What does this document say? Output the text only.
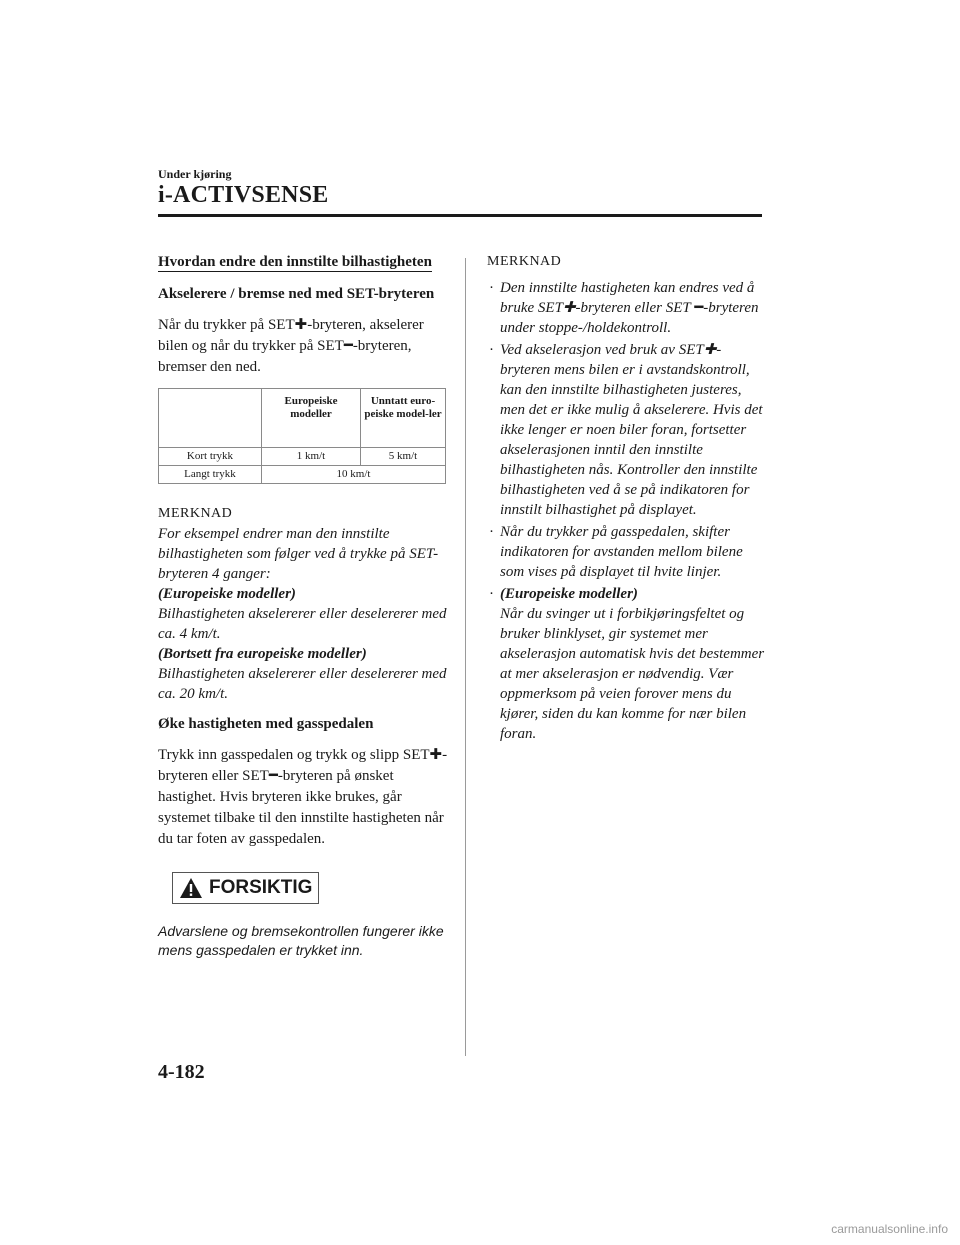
Under kjøring
i-ACTIVSENSE
Hvordan endre den innstilte bilhastigheten
Akselerere / bremse ned med SET-bryteren
Når du trykker på SET✚-bryteren, akselerer bilen og når du trykker på SET━-bryteren, bremser den ned.
	Europeiske modeller	Unntatt euro-peiske model-ler
Kort trykk	1 km/t	5 km/t
Langt trykk	10 km/t	
MERKNAD
For eksempel endrer man den innstilte bilhastigheten som følger ved å trykke på SET-bryteren 4 ganger:
(Europeiske modeller)
Bilhastigheten akselererer eller deselererer med ca. 4 km/t.
(Bortsett fra europeiske modeller)
Bilhastigheten akselererer eller deselererer med ca. 20 km/t.
Øke hastigheten med gasspedalen
Trykk inn gasspedalen og trykk og slipp SET✚-bryteren eller SET━-bryteren på ønsket hastighet. Hvis bryteren ikke brukes, går systemet tilbake til den innstilte hastigheten når du tar foten av gasspedalen.
FORSIKTIG
Advarslene og bremsekontrollen fungerer ikke mens gasspedalen er trykket inn.
MERKNAD
· Den innstilte hastigheten kan endres ved å bruke SET✚-bryteren eller SET ━-bryteren under stoppe-/holdekontroll.
· Ved akselerasjon ved bruk av SET✚-bryteren mens bilen er i avstandskontroll, kan den innstilte bilhastigheten justeres, men det er ikke mulig å akselerere. Hvis det ikke lenger er noen biler foran, fortsetter akselerasjonen inntil den innstilte bilhastigheten nås. Kontroller den innstilte bilhastigheten ved å se på indikatoren for innstilt bilhastighet på displayet.
· Når du trykker på gasspedalen, skifter indikatoren for avstanden mellom bilene som vises på displayet til hvite linjer.
· (Europeiske modeller)
Når du svinger ut i forbikjøringsfeltet og bruker blinklyset, gir systemet mer akselerasjon automatisk hvis det bestemmer at mer akselerasjon er nødvendig. Vær oppmerksom på veien forover mens du kjører, siden du kan komme for nær bilen foran.
4-182
carmanualsonline.info
